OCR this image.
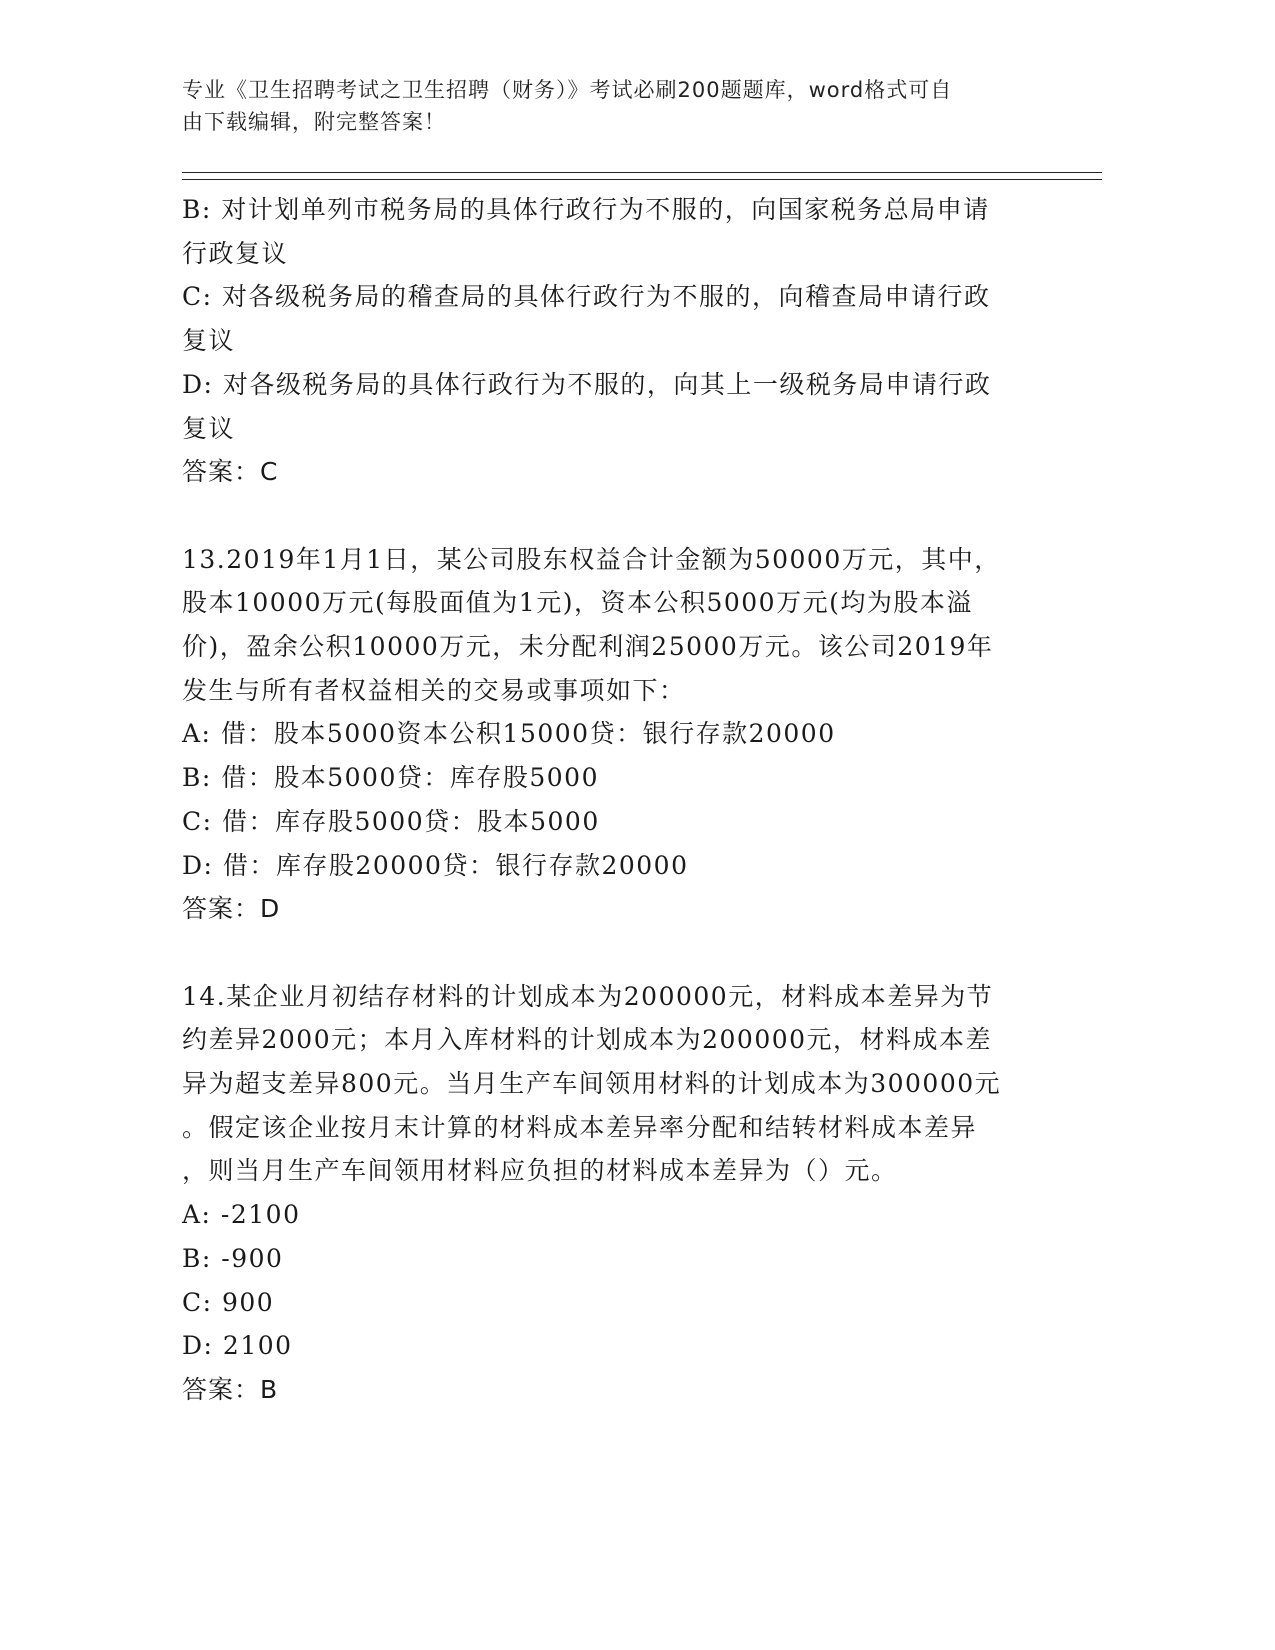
专业《卫生招聘考试之卫生招聘（财务）》考试必刷200题题库，word格式可自
由下载编辑，附完整答案！

B: 对计划单列市税务局的具体行政行为不服的，向国家税务总局申请

行政复议

C: 对各级税务局的稽查局的具体行政行为不服的，向稽查局申请行政

复议

D: 对各级税务局的具体行政行为不服的，向其上一级税务局申请行政

复议

答案：C

13.2019年1月1日，某公司股东权益合计金额为50000万元，其中，

股本10000万元(每股面值为1元)，资本公积5000万元(均为股本溢

价)，盈余公积10000万元，未分配利润25000万元。该公司2019年

发生与所有者权益相关的交易或事项如下：

A: 借：股本5000资本公积15000贷：银行存款20000

B: 借：股本5000贷：库存股5000

C: 借：库存股5000贷：股本5000

D: 借：库存股20000贷：银行存款20000

答案：D

14.某企业月初结存材料的计划成本为200000元，材料成本差异为节

约差异2000元；本月入库材料的计划成本为200000元，材料成本差

异为超支差异800元。当月生产车间领用材料的计划成本为300000元

。假定该企业按月末计算的材料成本差异率分配和结转材料成本差异

，则当月生产车间领用材料应负担的材料成本差异为（）元。

A: -2100

B: -900

C: 900

D: 2100

答案：B
